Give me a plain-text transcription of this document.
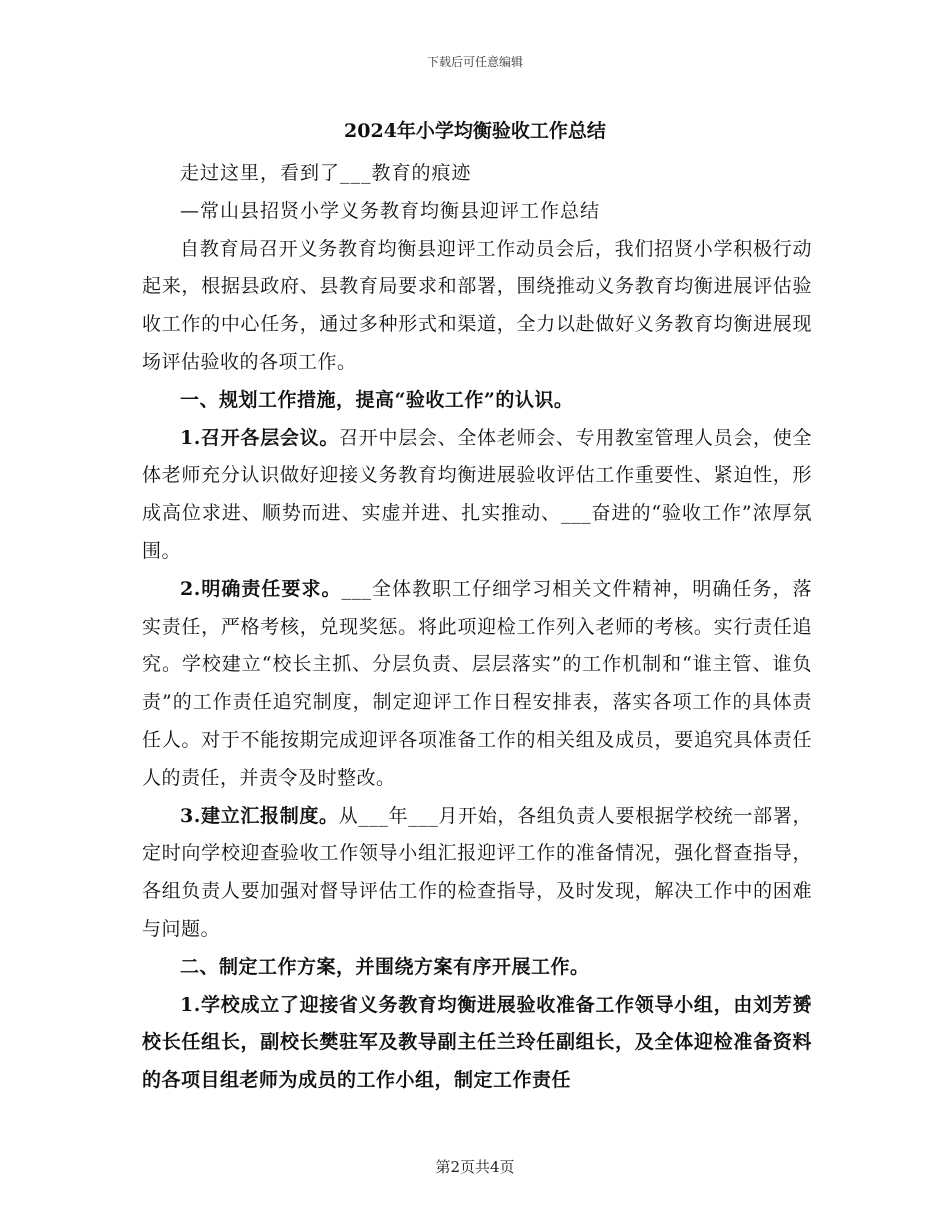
下载后可任意编辑
2024年小学均衡验收工作总结

走过这里，看到了___教育的痕迹

—常山县招贤小学义务教育均衡县迎评工作总结

自教育局召开义务教育均衡县迎评工作动员会后，我们招贤小学积极行动起来，根据县政府、县教育局要求和部署，围绕推动义务教育均衡进展评估验收工作的中心任务，通过多种形式和渠道，全力以赴做好义务教育均衡进展现场评估验收的各项工作。

一、规划工作措施，提高“验收工作”的认识。

1.召开各层会议。召开中层会、全体老师会、专用教室管理人员会，使全体老师充分认识做好迎接义务教育均衡进展验收评估工作重要性、紧迫性，形成高位求进、顺势而进、实虚并进、扎实推动、___奋进的“验收工作”浓厚氛围。

2.明确责任要求。___全体教职工仔细学习相关文件精神，明确任务，落实责任，严格考核，兑现奖惩。将此项迎检工作列入老师的考核。实行责任追究。学校建立“校长主抓、分层负责、层层落实”的工作机制和“谁主管、谁负责”的工作责任追究制度，制定迎评工作日程安排表，落实各项工作的具体责任人。对于不能按期完成迎评各项准备工作的相关组及成员，要追究具体责任人的责任，并责令及时整改。

3.建立汇报制度。从___年___月开始，各组负责人要根据学校统一部署，定时向学校迎查验收工作领导小组汇报迎评工作的准备情况，强化督查指导，各组负责人要加强对督导评估工作的检查指导，及时发现，解决工作中的困难与问题。

二、制定工作方案，并围绕方案有序开展工作。

1.学校成立了迎接省义务教育均衡进展验收准备工作领导小组，由刘芳赟校长任组长，副校长樊驻军及教导副主任兰玲任副组长，及全体迎检准备资料的各项目组老师为成员的工作小组，制定工作责任

第2页共4页
